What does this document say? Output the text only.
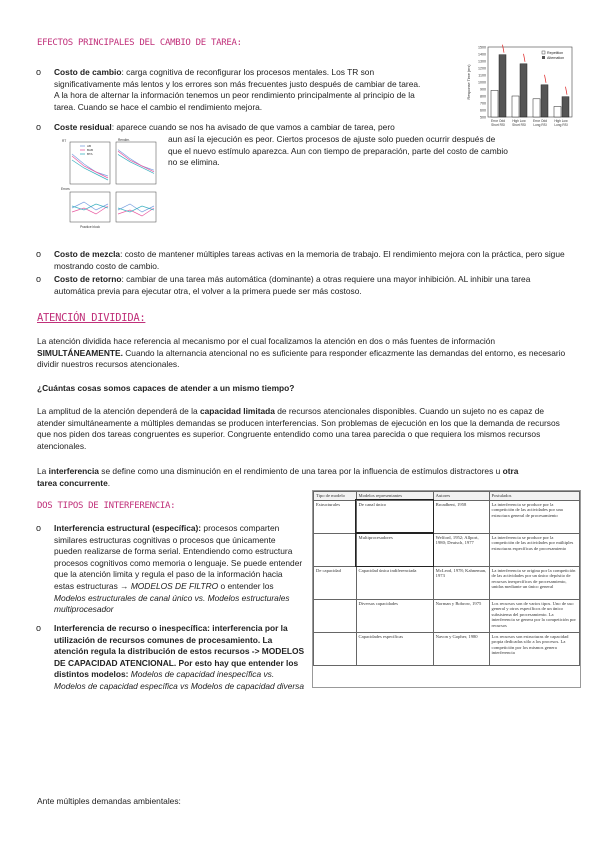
EFECTOS PRINCIPALES DEL CAMBIO DE TAREA:	1500
1400
1300
1200
1100
1000
900
800
700
600
500
Response Time (ms)
Error Odd
Short RSI
High Low
Short RSI
Error Odd
Long RSI
High Low
Long RSI
Repetition
Alternation
o Costo de cambio: carga cognitiva de reconfigurar los procesos mentales. Los TR son significativamente más lentos y los errores son más frecuentes justo después de cambiar de tarea. A la hora de alternar la información tenemos un peor rendimiento principalmente al principio de la tarea. Cuando se hace el cambio el rendimiento mejora.

o Coste residual: aparece cuando se nos ha avisado de que vamos a cambiar de tarea, pero

aun así la ejecución es peor. Ciertos procesos de ajuste solo pueden ocurrir después de que el nuevo estímulo aparezca. Aun con tiempo de preparación, parte del costo de cambio no se elimina.

AB
BAB
BTA
RT	Rendim.
Errors
Practice block
o Costo de mezcla: costo de mantener múltiples tareas activas en la memoria de trabajo. El rendimiento mejora con la práctica, pero sigue mostrando costo de cambio.

o Costo de retorno: cambiar de una tarea más automática (dominante) a otras requiere una mayor inhibición. AL inhibir una tarea automática previa para ejecutar otra, el volver a la primera puede ser más costoso.

ATENCIÓN DIVIDIDA:

La atención dividida hace referencia al mecanismo por el cual focalizamos la atención en dos o más fuentes de información SIMULTÁNEAMENTE. Cuando la alternancia atencional no es suficiente para responder eficazmente las demandas del entorno, es necesario dividir nuestros recursos atencionales.

¿Cuántas cosas somos capaces de atender a un mismo tiempo?

La amplitud de la atención dependerá de la capacidad limitada de recursos atencionales disponibles. Cuando un sujeto no es capaz de atender simultáneamente a múltiples demandas se producen interferencias. Son problemas de ejecución en los que la demanda de recursos que nos piden dos tareas congruentes es superior. Congruente entendido como una tarea parecida o que requiera los mismos recursos atencionales.

La interferencia se define como una disminución en el rendimiento de una tarea por la influencia de estímulos distractores u otra tarea concurrente.

DOS TIPOS DE INTERFERENCIA:
o Interferencia estructural (específica): procesos comparten similares estructuras cognitivas o procesos que únicamente pueden realizarse de forma serial. Entendiendo como estructura procesos cognitivos como memoria o lenguaje. Se puede entender que la atención limita y regula el paso de la información hacia estas estructuras → MODELOS DE FILTRO o entender los Modelos estructurales de canal único vs. Modelos estructurales multiprocesador

o Interferencia de recurso o inespecífica: interferencia por la utilización de recursos comunes de procesamiento. La atención regula la distribución de estos recursos -> MODELOS DE CAPACIDAD ATENCIONAL. Por esto hay que entender los distintos modelos: Modelos de capacidad inespecífica vs. Modelos de capacidad específica vs Modelos de capacidad diversa

Tipo de modelo	Modelos representantes	Autores	Postulados
Estructurales	De canal único	Broadbent, 1958	La interferencia se produce por la competición de las actividades por una estructura general de procesamiento
	Multiprocesadores	Welford, 1952; Allport, 1980; Deutsch, 1977	La interferencia se produce por la competición de las actividades por múltiples estructuras específicas de procesamiento
De capacidad	Capacidad única indiferenciada	McLeod, 1978; Kahneman, 1973	La interferencia se origina por la competición de las actividades por un único depósito de recursos inespecíficos de procesamiento, unidas mediante un único general
	Diversas capacidades	Norman y Bobrow, 1975	Los recursos son de varios tipos. Uno de uso general y otros específicos de un único subsistema del procesamiento. La interferencia se genera por la competición por recursos
	Capacidades específicas	Navon y Gopher, 1980	Los recursos son estructuras de capacidad propia dedicadas sólo a los procesos. La competición por los mismos genera interferencia

Ante múltiples demandas ambientales:
